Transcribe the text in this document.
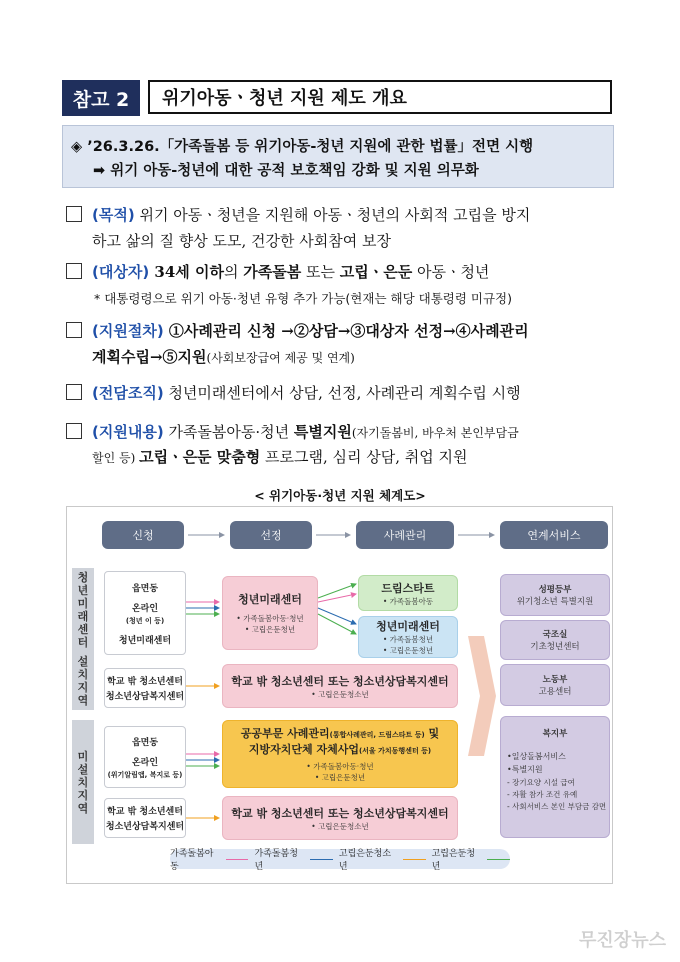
참고 2	위기아동ㆍ청년 지원 제도 개요
◈ ’26.3.26.「가족돌봄 등 위기아동-청년 지원에 관한 법률」전면 시행
➡ 위기 아동-청년에 대한 공적 보호책임 강화 및 지원 의무화
(목적) 위기 아동ㆍ청년을 지원해 아동ㆍ청년의 사회적 고립을 방지
하고 삶의 질 향상 도모, 건강한 사회참여 보장
(대상자) 34세 이하의 가족돌봄 또는 고립ㆍ은둔 아동ㆍ청년
* 대통령령으로 위기 아동·청년 유형 추가 가능(현재는 해당 대통령령 미규정)
(지원절차) ①사례관리 신청 →②상담→③대상자 선정→④사례관리
계획수립→⑤지원(사회보장급여 제공 및 연계)
(전담조직) 청년미래센터에서 상담, 선정, 사례관리 계획수립 시행
(지원내용) 가족돌봄아동·청년 특별지원(자기돌봄비, 바우처 본인부담금
할인 등) 고립ㆍ은둔 맞춤형 프로그램, 심리 상담, 취업 지원
< 위기아동·청년 지원 체계도>
신청	선정	사례관리	연계서비스
청
년
미
래
센
터
설
치
지
역
미
설
치
지
역
읍면동
온라인
(청년 이 등)
청년미래센터
학교 밖 청소년센터
청소년상담복지센터
읍면동
온라인
(위기알림앱, 복지로 등)
학교 밖 청소년센터
청소년상담복지센터
청년미래센터
• 가족돌봄아동·청년
• 고립은둔청년
학교 밖 청소년센터 또는 청소년상담복지센터
• 고립은둔청소년
공공부문 사례관리(통합사례관리, 드림스타트 등) 및
지방자치단체 자체사업(서울 가치동행센터 등)
• 가족돌봄아동·청년
• 고립은둔청년
학교 밖 청소년센터 또는 청소년상담복지센터
• 고립은둔청소년
드림스타트
• 가족돌봄아동
청년미래센터
• 가족돌봄청년
• 고립은둔청년
성평등부
위기청소년 특별지원
국조실
기초청년센터
노동부
고용센터
복지부
•일상돌봄서비스
•특별지원
- 장기요양 시설 급여
- 자활 참가 조건 유예
- 사회서비스 본인 부담금 감면
가족돌봄아동
가족돌봄청년
고립은둔청소년
고립은둔청년
무진장뉴스
